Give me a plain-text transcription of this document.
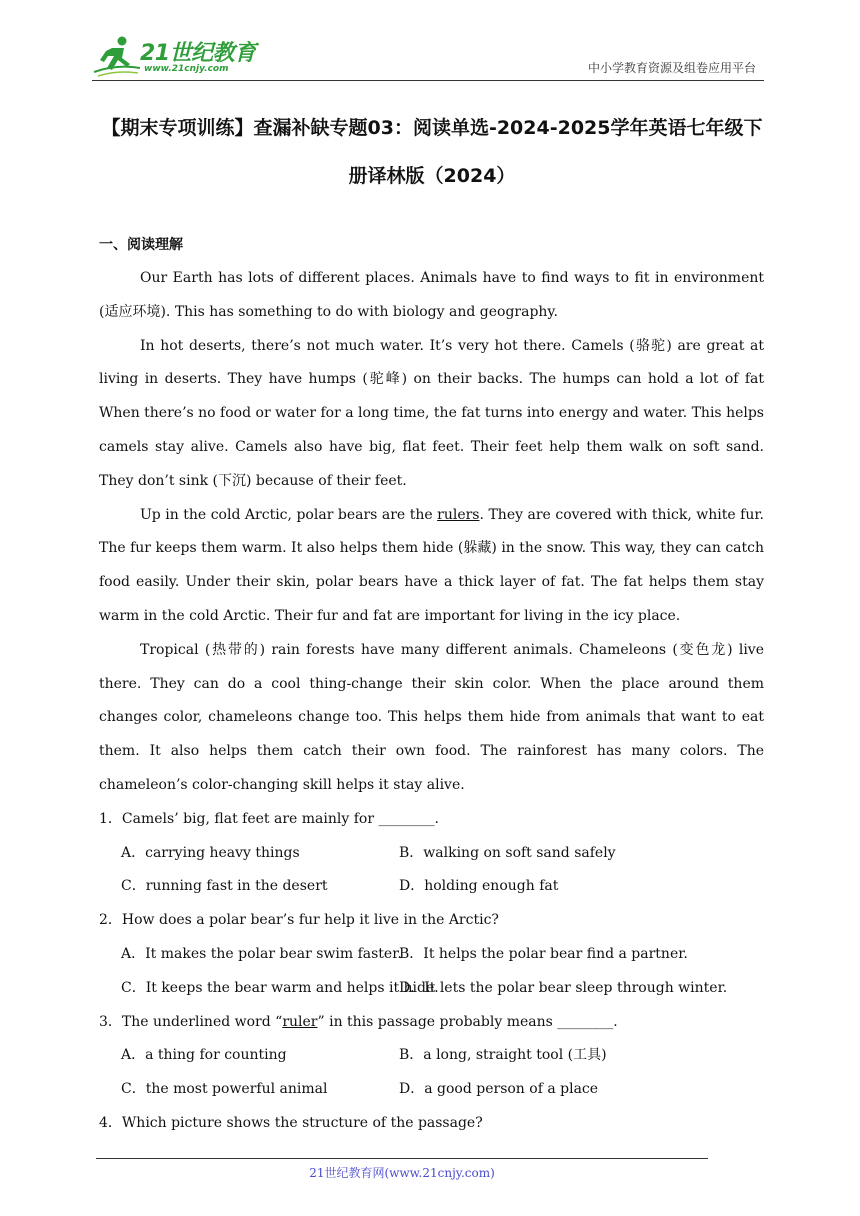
21世纪教育
www.21cnjy.com	中小学教育资源及组卷应用平台
【期末专项训练】查漏补缺专题03：阅读单选-2024-2025学年英语七年级下册译林版（2024）
一、阅读理解

Our Earth has lots of different places. Animals have to find ways to fit in environment (适应环境). This has something to do with biology and geography.

In hot deserts, there’s not much water. It’s very hot there. Camels (骆驼) are great at living in deserts. They have humps (驼峰) on their backs. The humps can hold a lot of fat When there’s no food or water for a long time, the fat turns into energy and water. This helps camels stay alive. Camels also have big, flat feet. Their feet help them walk on soft sand. They don’t sink (下沉) because of their feet.

Up in the cold Arctic, polar bears are the rulers. They are covered with thick, white fur. The fur keeps them warm. It also helps them hide (躲藏) in the snow. This way, they can catch food easily. Under their skin, polar bears have a thick layer of fat. The fat helps them stay warm in the cold Arctic. Their fur and fat are important for living in the icy place.

Tropical (热带的) rain forests have many different animals. Chameleons (变色龙) live there. They can do a cool thing-change their skin color. When the place around them changes color, chameleons change too. This helps them hide from animals that want to eat them. It also helps them catch their own food. The rainforest has many colors. The chameleon’s color-changing skill helps it stay alive.

1．Camels’ big, flat feet are mainly for ________.

A．carrying heavy things	B．walking on soft sand safely
C．running fast in the desert	D．holding enough fat

2．How does a polar bear’s fur help it live in the Arctic?

A．It makes the polar bear swim faster.
B．It helps the polar bear find a partner.
C．It keeps the bear warm and helps it hide.
D．It lets the polar bear sleep through winter.

3．The underlined word “ruler” in this passage probably means ________.

A．a thing for counting	B．a long, straight tool (工具)
C．the most powerful animal	D．a good person of a place

4．Which picture shows the structure of the passage?

21世纪教育网(www.21cnjy.com)
